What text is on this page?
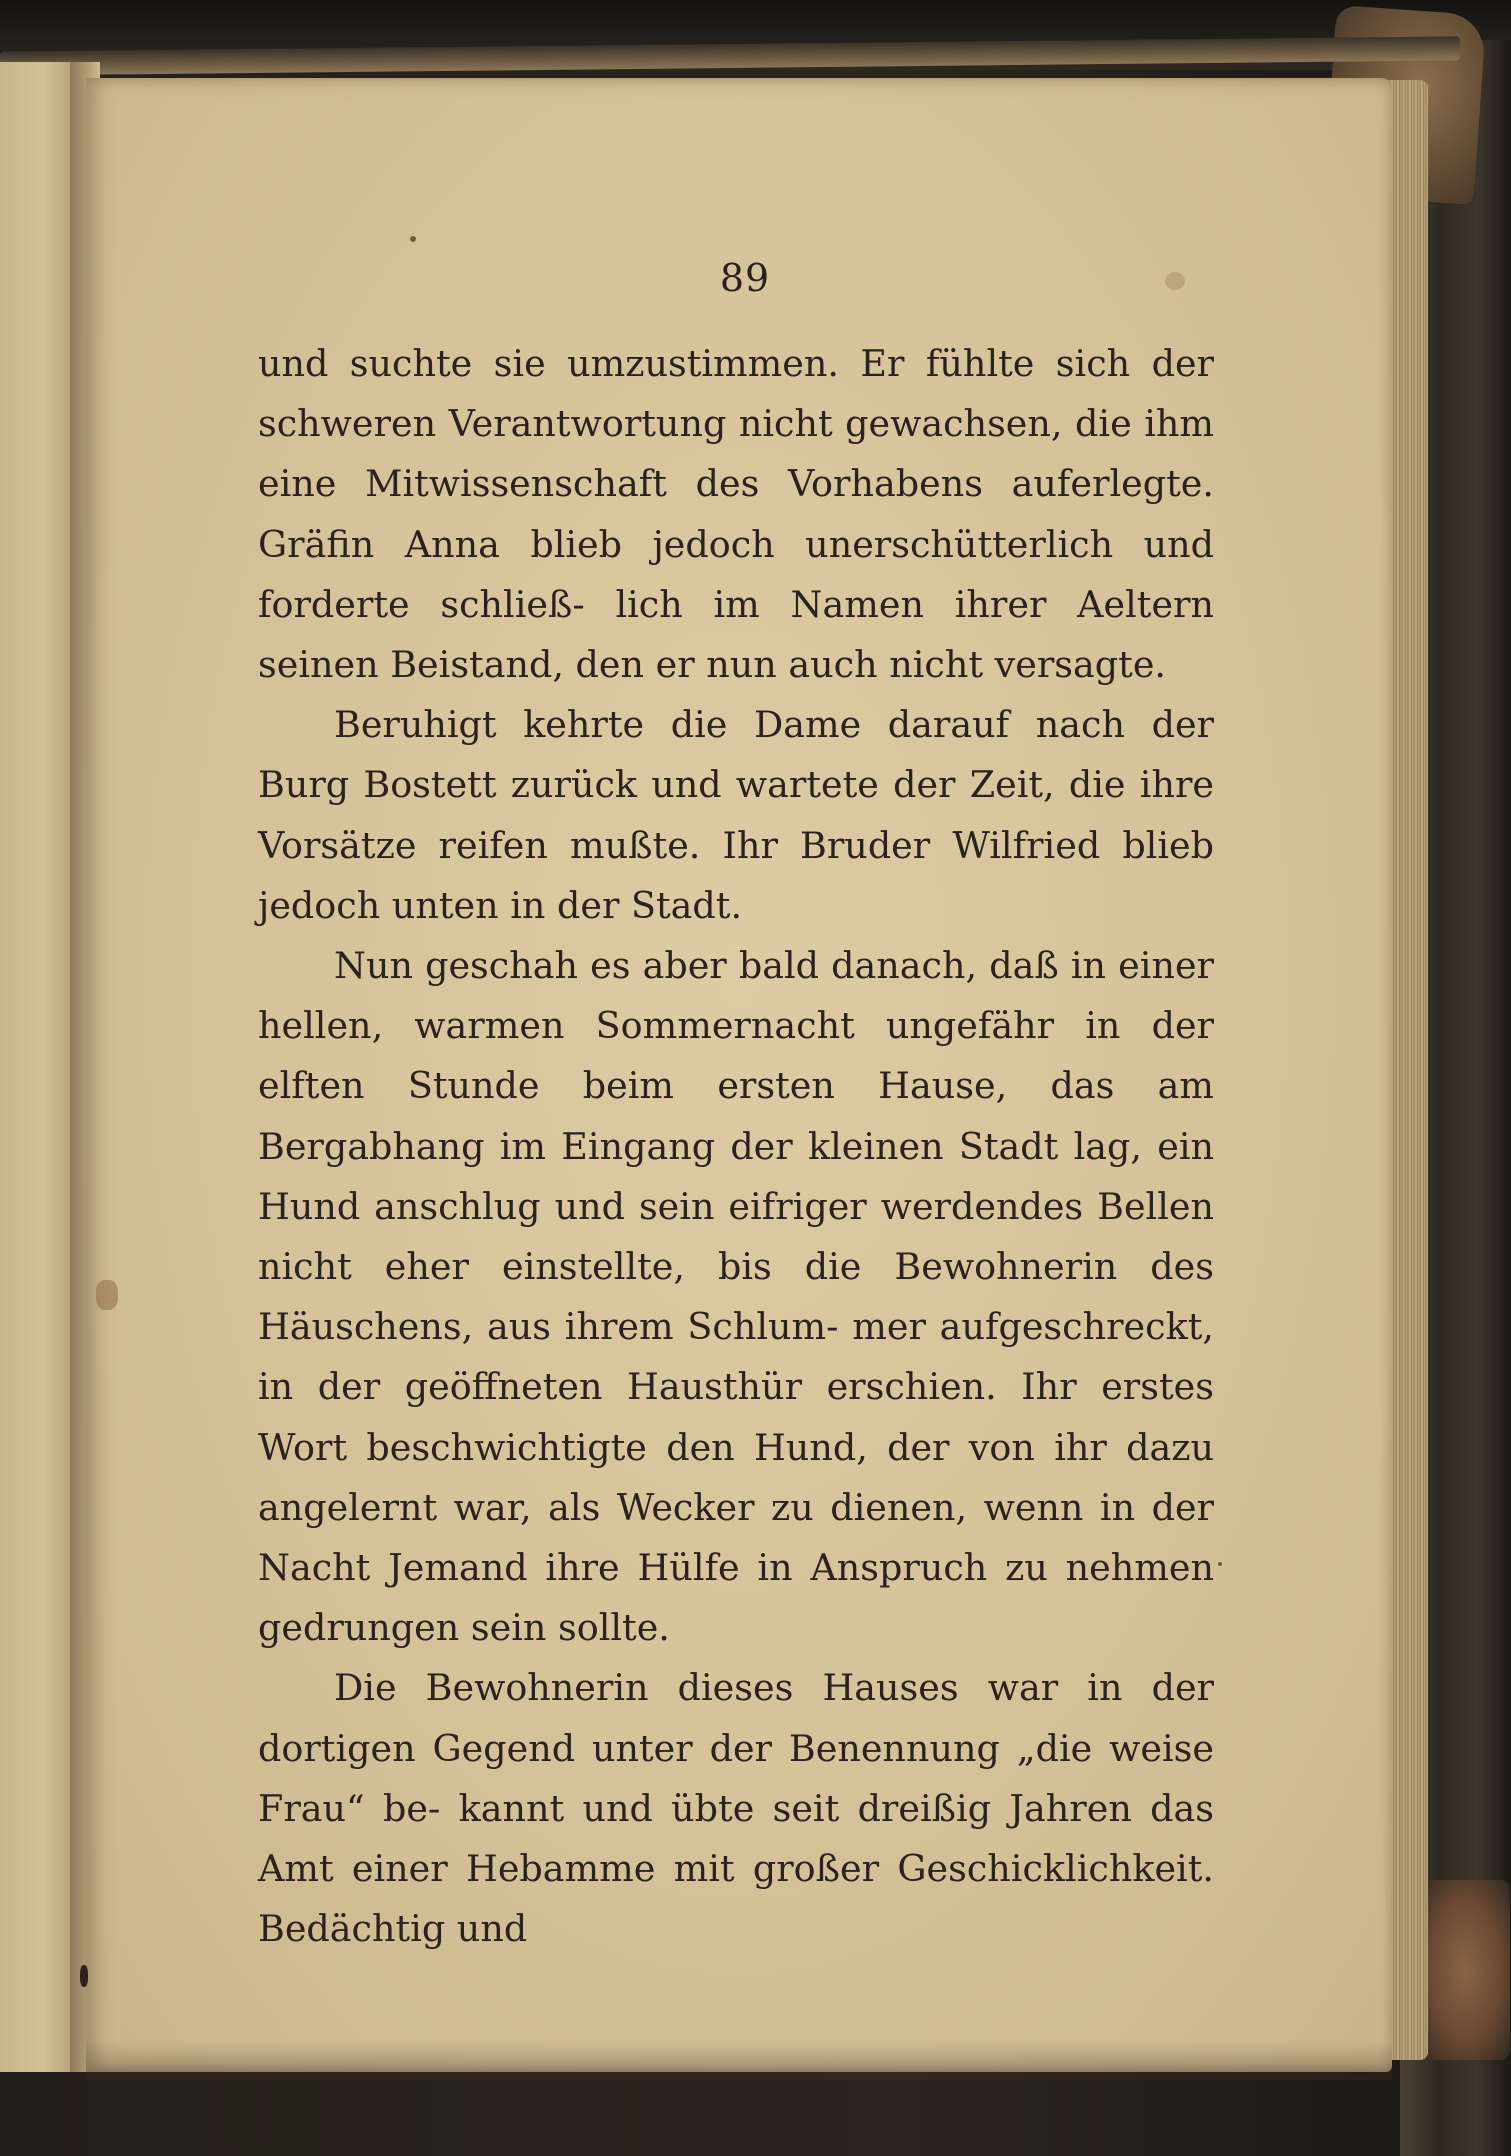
89

und suchte sie umzustimmen. Er fühlte sich der schweren Verantwortung nicht gewachsen, die ihm eine Mitwissenschaft des Vorhabens auferlegte. Gräfin Anna blieb jedoch unerschütterlich und forderte schließ- lich im Namen ihrer Aeltern seinen Beistand, den er nun auch nicht versagte.

Beruhigt kehrte die Dame darauf nach der Burg Bostett zurück und wartete der Zeit, die ihre Vorsätze reifen mußte. Ihr Bruder Wilfried blieb jedoch unten in der Stadt.

Nun geschah es aber bald danach, daß in einer hellen, warmen Sommernacht ungefähr in der elften Stunde beim ersten Hause, das am Bergabhang im Eingang der kleinen Stadt lag, ein Hund anschlug und sein eifriger werdendes Bellen nicht eher einstellte, bis die Bewohnerin des Häuschens, aus ihrem Schlum- mer aufgeschreckt, in der geöffneten Hausthür erschien. Ihr erstes Wort beschwichtigte den Hund, der von ihr dazu angelernt war, als Wecker zu dienen, wenn in der Nacht Jemand ihre Hülfe in Anspruch zu nehmen gedrungen sein sollte.

Die Bewohnerin dieses Hauses war in der dortigen Gegend unter der Benennung „die weise Frau“ be- kannt und übte seit dreißig Jahren das Amt einer Hebamme mit großer Geschicklichkeit. Bedächtig und
